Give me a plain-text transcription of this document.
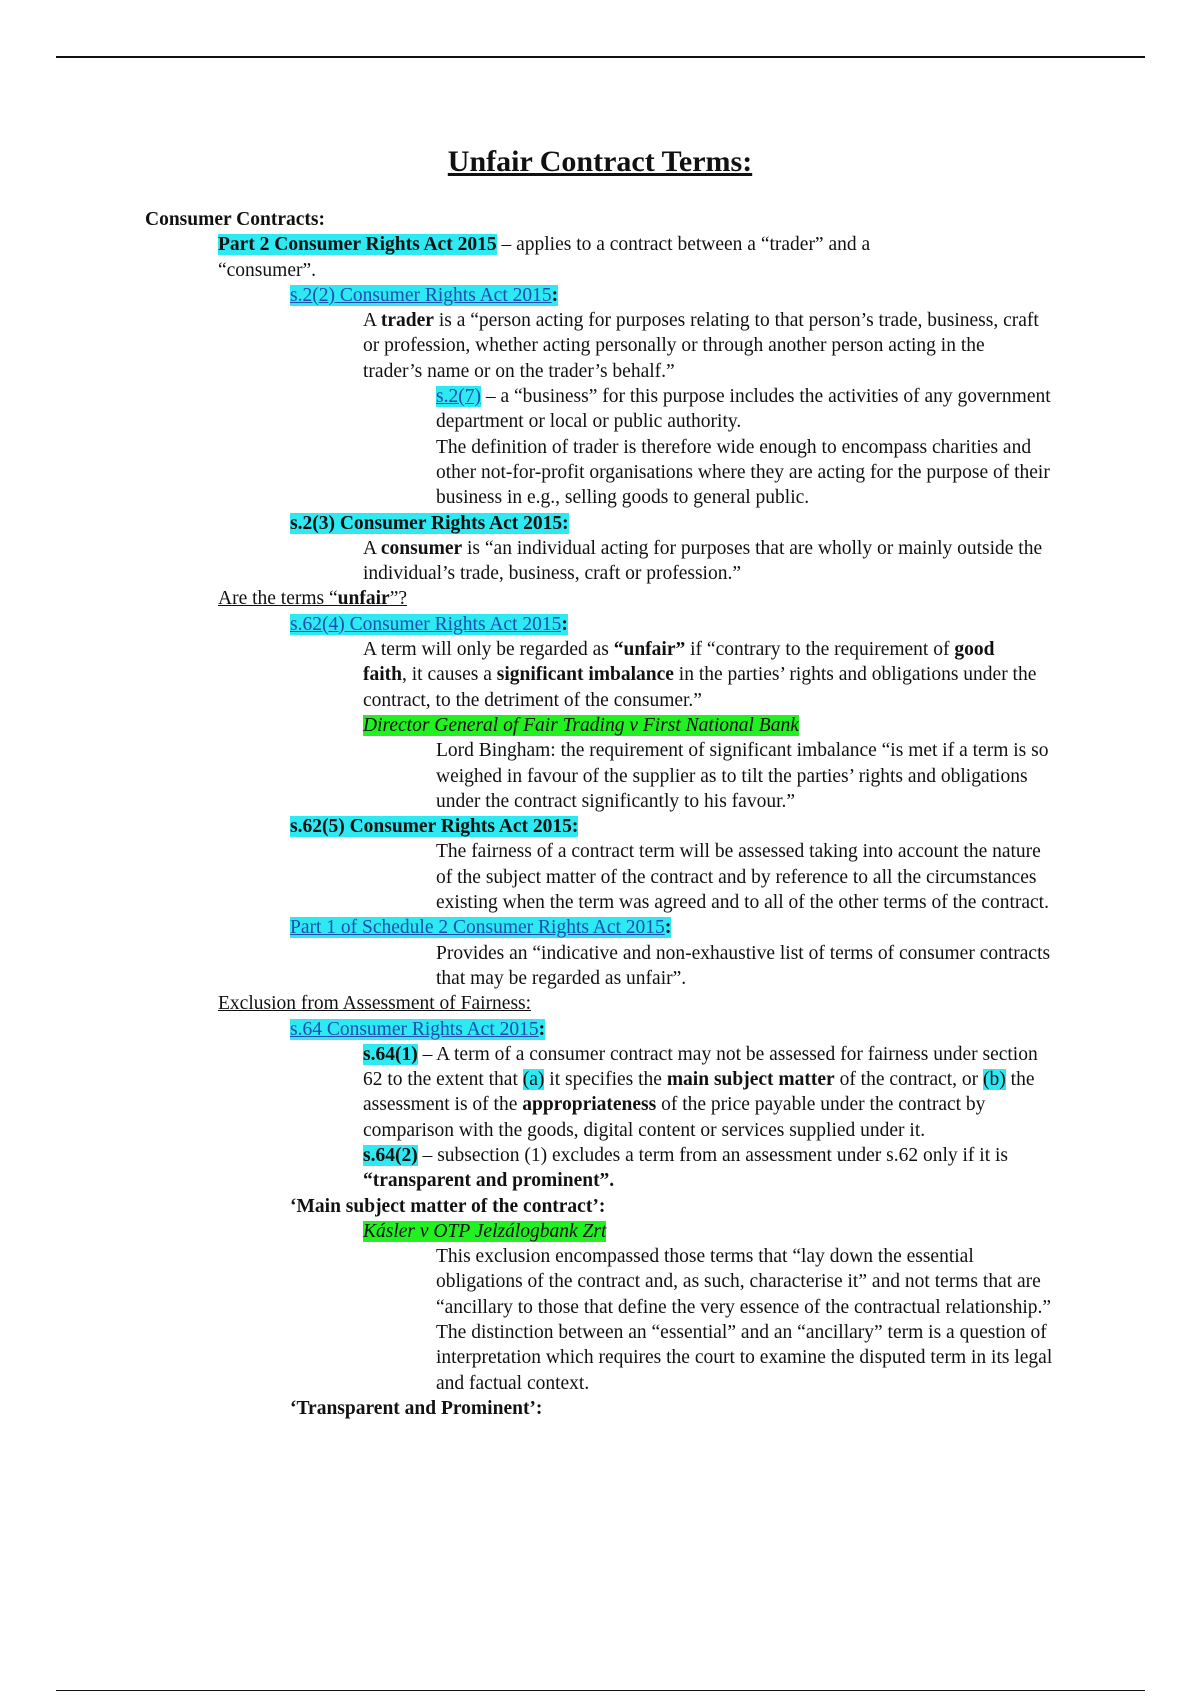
Unfair Contract Terms:

Consumer Contracts:

Part 2 Consumer Rights Act 2015 – applies to a contract between a “trader” and a “consumer”.

s.2(2) Consumer Rights Act 2015:

A trader is a “person acting for purposes relating to that person’s trade, business, craft or profession, whether acting personally or through another person acting in the trader’s name or on the trader’s behalf.”

s.2(7) – a “business” for this purpose includes the activities of any government department or local or public authority.

The definition of trader is therefore wide enough to encompass charities and other not-for-profit organisations where they are acting for the purpose of their business in e.g., selling goods to general public.

s.2(3) Consumer Rights Act 2015:

A consumer is “an individual acting for purposes that are wholly or mainly outside the individual’s trade, business, craft or profession.”

Are the terms “unfair”?

s.62(4) Consumer Rights Act 2015:

A term will only be regarded as “unfair” if “contrary to the requirement of good faith, it causes a significant imbalance in the parties’ rights and obligations under the contract, to the detriment of the consumer.”

Director General of Fair Trading v First National Bank

Lord Bingham: the requirement of significant imbalance “is met if a term is so weighed in favour of the supplier as to tilt the parties’ rights and obligations under the contract significantly to his favour.”

s.62(5) Consumer Rights Act 2015:

The fairness of a contract term will be assessed taking into account the nature of the subject matter of the contract and by reference to all the circumstances existing when the term was agreed and to all of the other terms of the contract.

Part 1 of Schedule 2 Consumer Rights Act 2015:

Provides an “indicative and non-exhaustive list of terms of consumer contracts that may be regarded as unfair”.

Exclusion from Assessment of Fairness:

s.64 Consumer Rights Act 2015:

s.64(1) – A term of a consumer contract may not be assessed for fairness under section 62 to the extent that (a) it specifies the main subject matter of the contract, or (b) the assessment is of the appropriateness of the price payable under the contract by comparison with the goods, digital content or services supplied under it.

s.64(2) – subsection (1) excludes a term from an assessment under s.62 only if it is “transparent and prominent”.

‘Main subject matter of the contract’:

Kásler v OTP Jelzálogbank Zrt

This exclusion encompassed those terms that “lay down the essential obligations of the contract and, as such, characterise it” and not terms that are “ancillary to those that define the very essence of the contractual relationship.”

The distinction between an “essential” and an “ancillary” term is a question of interpretation which requires the court to examine the disputed term in its legal and factual context.

‘Transparent and Prominent’:
